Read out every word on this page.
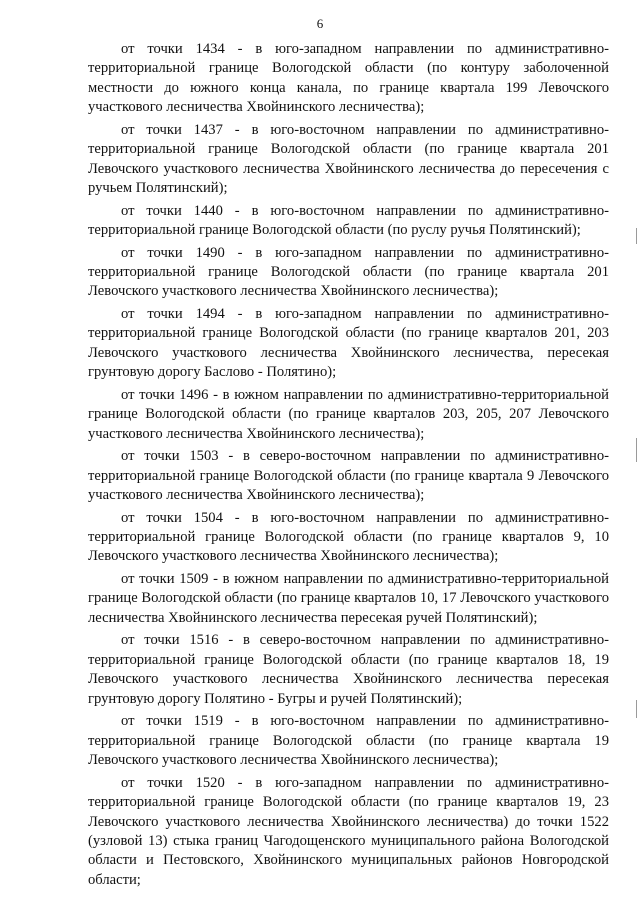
6

от точки 1434 - в юго-западном направлении по административно-территориальной границе Вологодской области (по контуру заболоченной местности до южного конца канала, по границе квартала 199 Левочского участкового лесничества Хвойнинского лесничества);

от точки 1437 - в юго-восточном направлении по административно-территориальной границе Вологодской области (по границе квартала 201 Левочского участкового лесничества Хвойнинского лесничества до пересечения с ручьем Полятинский);

от точки 1440 - в юго-восточном направлении по административно-территориальной границе Вологодской области (по руслу ручья Полятинский);

от точки 1490 - в юго-западном направлении по административно-территориальной границе Вологодской области (по границе квартала 201 Левочского участкового лесничества Хвойнинского лесничества);

от точки 1494 - в юго-западном направлении по административно-территориальной границе Вологодской области (по границе кварталов 201, 203 Левочского участкового лесничества Хвойнинского лесничества, пересекая грунтовую дорогу Баслово - Полятино);

от точки 1496 - в южном направлении по административно-территориальной границе Вологодской области (по границе кварталов 203, 205, 207 Левочского участкового лесничества Хвойнинского лесничества);

от точки 1503 - в северо-восточном направлении по административно-территориальной границе Вологодской области (по границе квартала 9 Левочского участкового лесничества Хвойнинского лесничества);

от точки 1504 - в юго-восточном направлении по административно-территориальной границе Вологодской области (по границе кварталов 9, 10 Левочского участкового лесничества Хвойнинского лесничества);

от точки 1509 - в южном направлении по административно-территориальной границе Вологодской области (по границе кварталов 10, 17 Левочского участкового лесничества Хвойнинского лесничества пересекая ручей Полятинский);

от точки 1516 - в северо-восточном направлении по административно-территориальной границе Вологодской области (по границе кварталов 18, 19 Левочского участкового лесничества Хвойнинского лесничества пересекая грунтовую дорогу Полятино - Бугры и ручей Полятинский);

от точки 1519 - в юго-восточном направлении по административно-территориальной границе Вологодской области (по границе квартала 19 Левочского участкового лесничества Хвойнинского лесничества);

от точки 1520 - в юго-западном направлении по административно-территориальной границе Вологодской области (по границе кварталов 19, 23 Левочского участкового лесничества Хвойнинского лесничества) до точки 1522 (узловой 13) стыка границ Чагодощенского муниципального района Вологодской области и Пестовского, Хвойнинского муниципальных районов Новгородской области;
